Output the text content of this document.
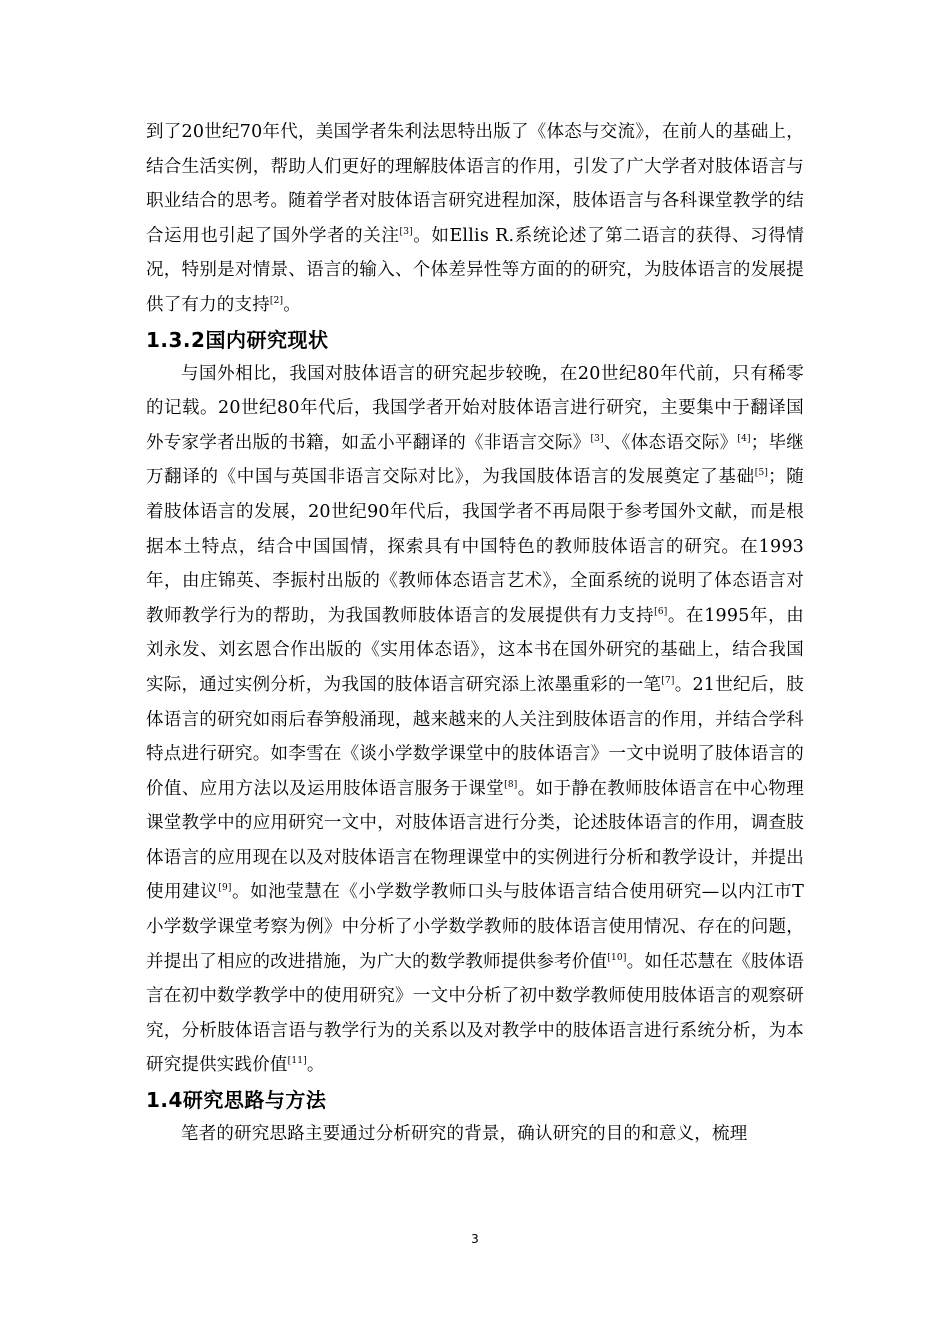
到了20世纪70年代，美国学者朱利法思特出版了《体态与交流》，在前人的基础上，结合生活实例，帮助人们更好的理解肢体语言的作用，引发了广大学者对肢体语言与职业结合的思考。随着学者对肢体语言研究进程加深，肢体语言与各科课堂教学的结合运用也引起了国外学者的关注[3]。如Ellis R.系统论述了第二语言的获得、习得情况，特别是对情景、语言的输入、个体差异性等方面的的研究，为肢体语言的发展提供了有力的支持[2]。

1.3.2国内研究现状

与国外相比，我国对肢体语言的研究起步较晚，在20世纪80年代前，只有稀零的记载。20世纪80年代后，我国学者开始对肢体语言进行研究，主要集中于翻译国外专家学者出版的书籍，如孟小平翻译的《非语言交际》[3]、《体态语交际》[4]；毕继万翻译的《中国与英国非语言交际对比》，为我国肢体语言的发展奠定了基础[5]；随着肢体语言的发展，20世纪90年代后，我国学者不再局限于参考国外文献，而是根据本土特点，结合中国国情，探索具有中国特色的教师肢体语言的研究。在1993年，由庄锦英、李振村出版的《教师体态语言艺术》，全面系统的说明了体态语言对教师教学行为的帮助，为我国教师肢体语言的发展提供有力支持[6]。在1995年，由刘永发、刘玄恩合作出版的《实用体态语》，这本书在国外研究的基础上，结合我国实际，通过实例分析，为我国的肢体语言研究添上浓墨重彩的一笔[7]。21世纪后，肢体语言的研究如雨后春笋般涌现，越来越来的人关注到肢体语言的作用，并结合学科特点进行研究。如李雪在《谈小学数学课堂中的肢体语言》一文中说明了肢体语言的价值、应用方法以及运用肢体语言服务于课堂[8]。如于静在教师肢体语言在中心物理课堂教学中的应用研究一文中，对肢体语言进行分类，论述肢体语言的作用，调查肢体语言的应用现在以及对肢体语言在物理课堂中的实例进行分析和教学设计，并提出使用建议[9]。如池莹慧在《小学数学教师口头与肢体语言结合使用研究—以内江市T小学数学课堂考察为例》中分析了小学数学教师的肢体语言使用情况、存在的问题，并提出了相应的改进措施，为广大的数学教师提供参考价值[10]。如任芯慧在《肢体语言在初中数学教学中的使用研究》一文中分析了初中数学教师使用肢体语言的观察研究，分析肢体语言语与教学行为的关系以及对教学中的肢体语言进行系统分析，为本研究提供实践价值[11]。

1.4研究思路与方法

笔者的研究思路主要通过分析研究的背景，确认研究的目的和意义，梳理

3
